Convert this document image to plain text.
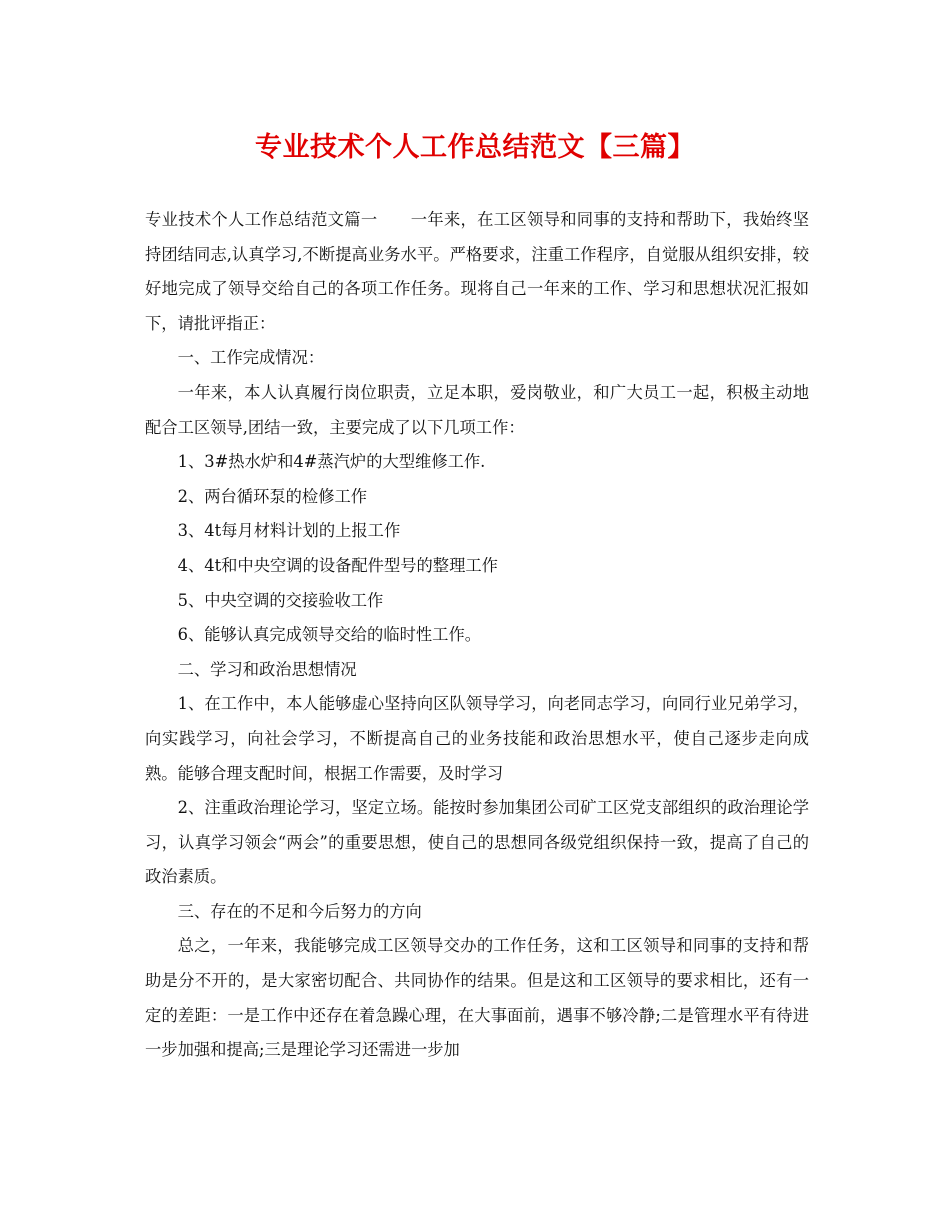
专业技术个人工作总结范文【三篇】

专业技术个人工作总结范文篇一　　一年来，在工区领导和同事的支持和帮助下，我始终坚持团结同志,认真学习,不断提高业务水平。严格要求，注重工作程序，自觉服从组织安排，较好地完成了领导交给自己的各项工作任务。现将自己一年来的工作、学习和思想状况汇报如下，请批评指正：

一、工作完成情况：

一年来，本人认真履行岗位职责，立足本职，爱岗敬业，和广大员工一起，积极主动地配合工区领导,团结一致，主要完成了以下几项工作：

1、3#热水炉和4#蒸汽炉的大型维修工作.

2、两台循环泵的检修工作

3、4t每月材料计划的上报工作

4、4t和中央空调的设备配件型号的整理工作

5、中央空调的交接验收工作

6、能够认真完成领导交给的临时性工作。

二、学习和政治思想情况

1、在工作中，本人能够虚心坚持向区队领导学习，向老同志学习，向同行业兄弟学习，向实践学习，向社会学习，不断提高自己的业务技能和政治思想水平，使自己逐步走向成熟。能够合理支配时间，根据工作需要，及时学习

2、注重政治理论学习，坚定立场。能按时参加集团公司矿工区党支部组织的政治理论学习，认真学习领会“两会”的重要思想，使自己的思想同各级党组织保持一致，提高了自己的政治素质。

三、存在的不足和今后努力的方向

总之，一年来，我能够完成工区领导交办的工作任务，这和工区领导和同事的支持和帮助是分不开的，是大家密切配合、共同协作的结果。但是这和工区领导的要求相比，还有一定的差距：一是工作中还存在着急躁心理，在大事面前，遇事不够冷静;二是管理水平有待进一步加强和提高;三是理论学习还需进一步加
